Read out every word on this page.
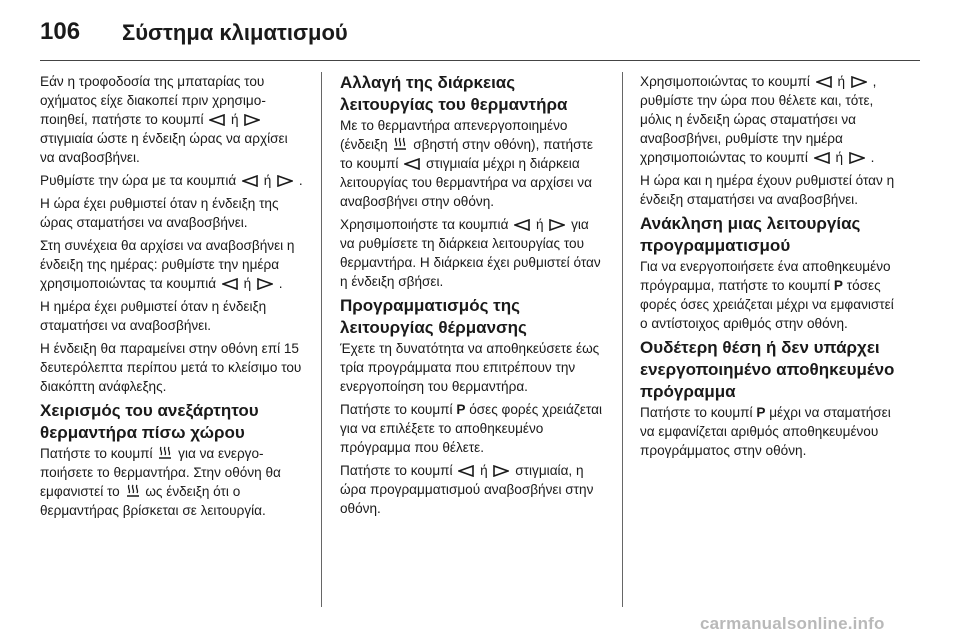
106 Σύστημα κλιματισμού

Εάν η τροφοδοσία της μπαταρίας του οχήματος είχε διακοπεί πριν χρησιμοποιηθεί, πατήστε το κουμπί ή  στιγμιαία ώστε η ένδειξη ώρας να αρχίσει να αναβοσβήνει.

Ρυθμίστε την ώρα με τα κουμπιά ή .

Η ώρα έχει ρυθμιστεί όταν η ένδειξη της ώρας σταματήσει να αναβοσβήνει.

Στη συνέχεια θα αρχίσει να αναβοσβήνει η ένδειξη της ημέρας: ρυθμίστε την ημέρα χρησιμοποιώντας τα κουμπιά ή .

Η ημέρα έχει ρυθμιστεί όταν η ένδειξη σταματήσει να αναβοσβήνει.

Η ένδειξη θα παραμείνει στην οθόνη επί 15 δευτερόλεπτα περίπου μετά το κλείσιμο του διακόπτη ανάφλεξης.

Χειρισμός του ανεξάρτητου θερμαντήρα πίσω χώρου

Πατήστε το κουμπί για να ενεργοποιήσετε το θερμαντήρα. Στην οθόνη θα εμφανιστεί το ως ένδειξη ότι ο θερμαντήρας βρίσκεται σε λειτουργία.

Αλλαγή της διάρκειας λειτουργίας του θερμαντήρα

Με το θερμαντήρα απενεργοποιημένο (ένδειξη σβηστή στην οθόνη), πατήστε το κουμπί στιγμιαία μέχρι η διάρκεια λειτουργίας του θερμαντήρα να αρχίσει να αναβοσβήνει στην οθόνη.

Χρησιμοποιήστε τα κουμπιά ή για να ρυθμίσετε τη διάρκεια λειτουργίας του θερμαντήρα. Η διάρκεια έχει ρυθμιστεί όταν η ένδειξη σβήσει.

Προγραμματισμός της λειτουργίας θέρμανσης

Έχετε τη δυνατότητα να αποθηκεύσετε έως τρία προγράμματα που επιτρέπουν την ενεργοποίηση του θερμαντήρα.

Πατήστε το κουμπί P όσες φορές χρειάζεται για να επιλέξετε το αποθηκευμένο πρόγραμμα που θέλετε.

Πατήστε το κουμπί ή στιγμιαία, η ώρα προγραμματισμού αναβοσβήνει στην οθόνη.

Χρησιμοποιώντας το κουμπί ή , ρυθμίστε την ώρα που θέλετε και, τότε, μόλις η ένδειξη ώρας σταματήσει να αναβοσβήνει, ρυθμίστε την ημέρα χρησιμοποιώντας το κουμπί ή .

Η ώρα και η ημέρα έχουν ρυθμιστεί όταν η ένδειξη σταματήσει να αναβοσβήνει.

Ανάκληση μιας λειτουργίας προγραμματισμού

Για να ενεργοποιήσετε ένα αποθηκευμένο πρόγραμμα, πατήστε το κουμπί P τόσες φορές όσες χρειάζεται μέχρι να εμφανιστεί ο αντίστοιχος αριθμός στην οθόνη.

Ουδέτερη θέση ή δεν υπάρχει ενεργοποιημένο αποθηκευμένο πρόγραμμα

Πατήστε το κουμπί P μέχρι να σταματήσει να εμφανίζεται αριθμός αποθηκευμένου προγράμματος στην οθόνη.

carmanualsonline.info
